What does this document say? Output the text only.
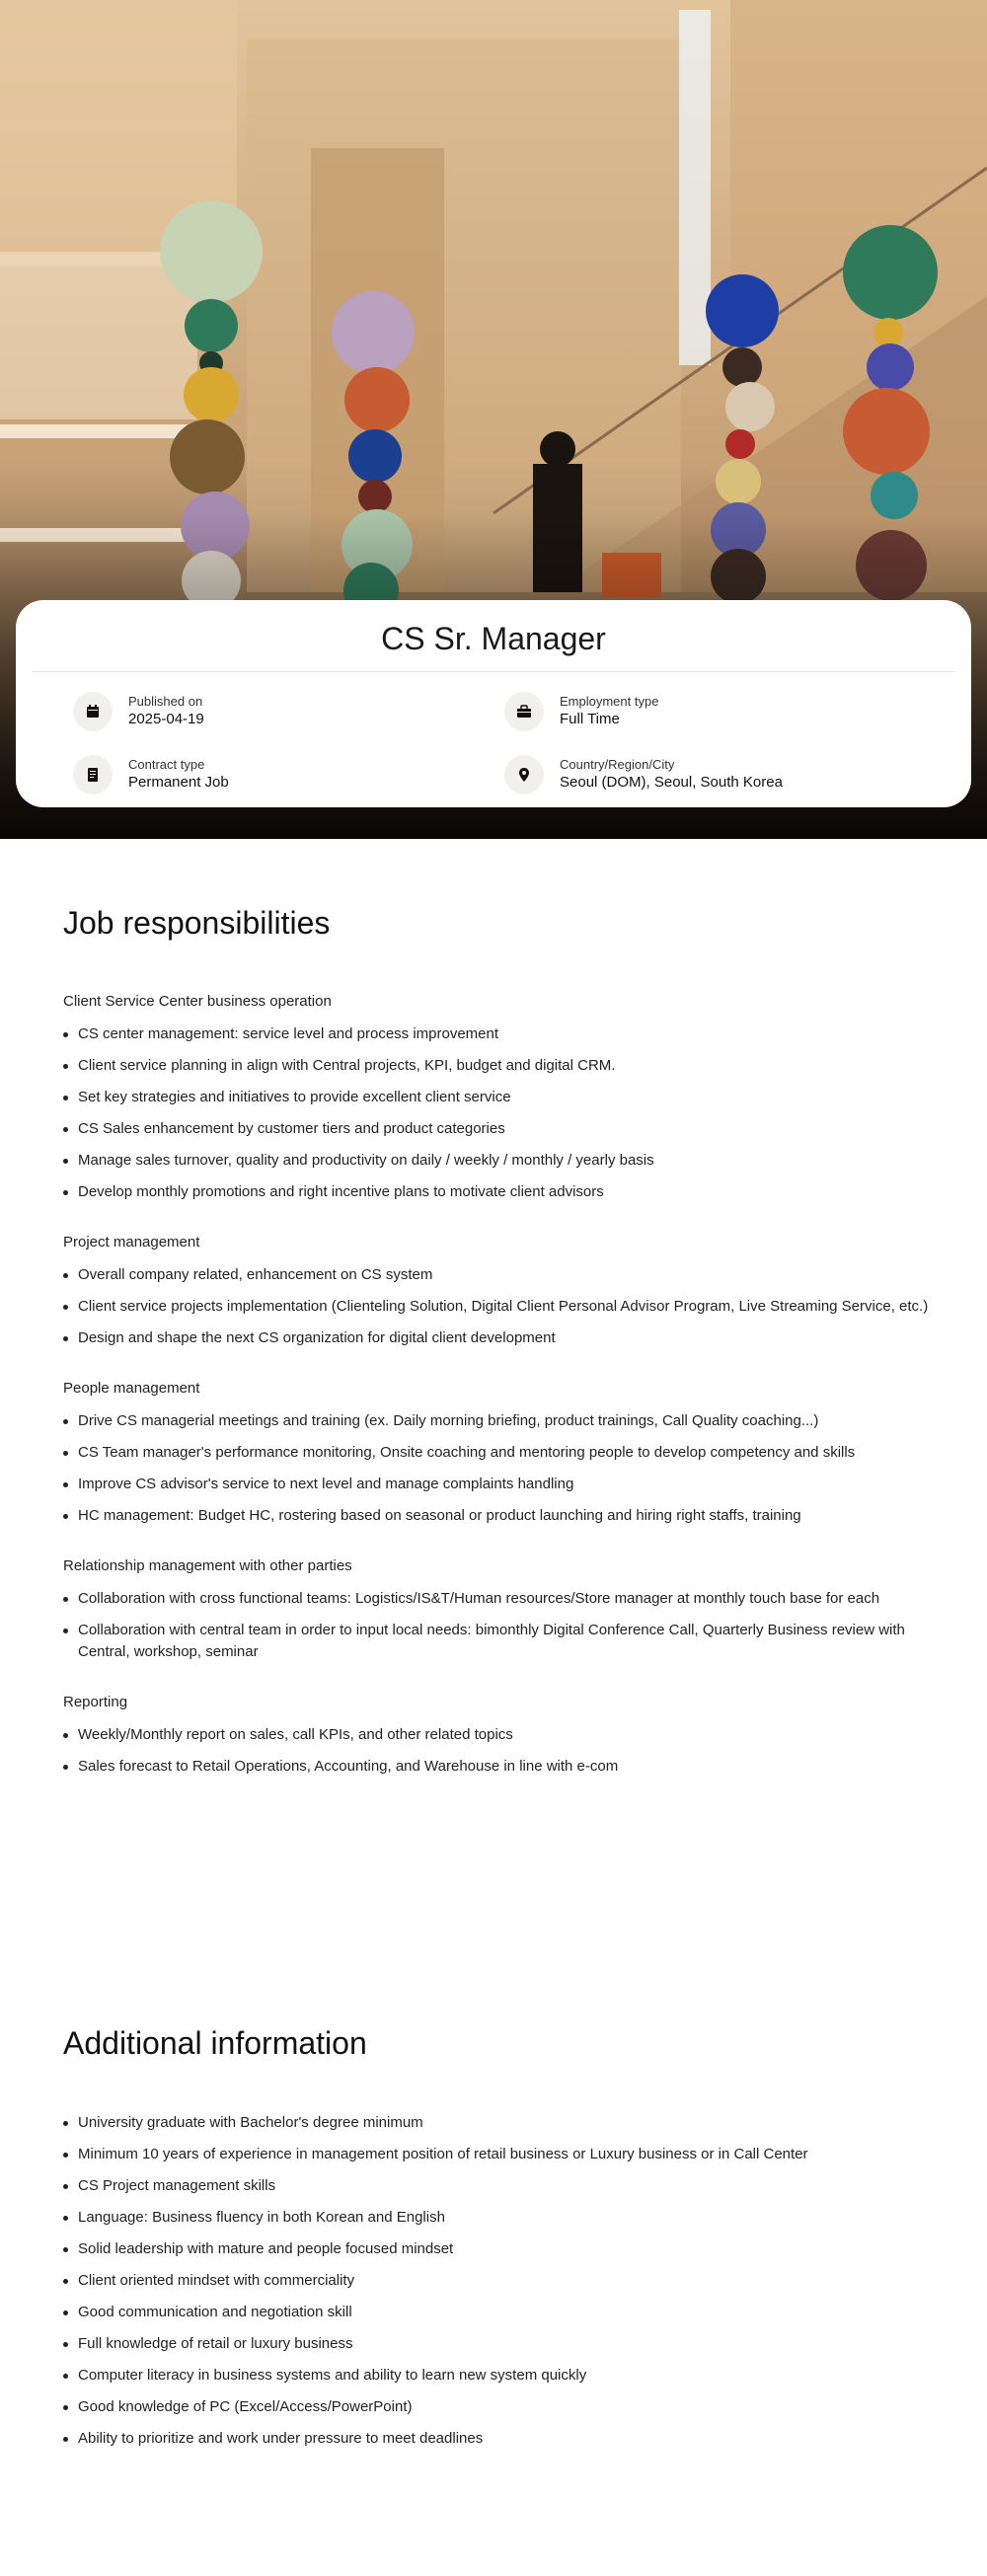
CS Sr. Manager
Published on
2025-04-19
Employment type
Full Time
Contract type
Permanent Job
Country/Region/City
Seoul (DOM), Seoul, South Korea
Job responsibilities

Client Service Center business operation

CS center management: service level and process improvement
Client service planning in align with Central projects, KPI, budget and digital CRM.
Set key strategies and initiatives to provide excellent client service
CS Sales enhancement by customer tiers and product categories
Manage sales turnover, quality and productivity on daily / weekly / monthly / yearly basis
Develop monthly promotions and right incentive plans to motivate client advisors

Project management

Overall company related, enhancement on CS system
Client service projects implementation (Clienteling Solution, Digital Client Personal Advisor Program, Live Streaming Service, etc.)
Design and shape the next CS organization for digital client development

People management

Drive CS managerial meetings and training (ex. Daily morning briefing, product trainings, Call Quality coaching...)
CS Team manager's performance monitoring, Onsite coaching and mentoring people to develop competency and skills
Improve CS advisor's service to next level and manage complaints handling
HC management: Budget HC, rostering based on seasonal or product launching and hiring right staffs, training

Relationship management with other parties

Collaboration with cross functional teams: Logistics/IS&T/Human resources/Store manager at monthly touch base for each
Collaboration with central team in order to input local needs: bimonthly Digital Conference Call, Quarterly Business review with Central, workshop, seminar

Reporting

Weekly/Monthly report on sales, call KPIs, and other related topics
Sales forecast to Retail Operations, Accounting, and Warehouse in line with e-com
Additional information
University graduate with Bachelor's degree minimum
Minimum 10 years of experience in management position of retail business or Luxury business or in Call Center
CS Project management skills
Language: Business fluency in both Korean and English
Solid leadership with mature and people focused mindset
Client oriented mindset with commerciality
Good communication and negotiation skill
Full knowledge of retail or luxury business
Computer literacy in business systems and ability to learn new system quickly
Good knowledge of PC (Excel/Access/PowerPoint)
Ability to prioritize and work under pressure to meet deadlines
